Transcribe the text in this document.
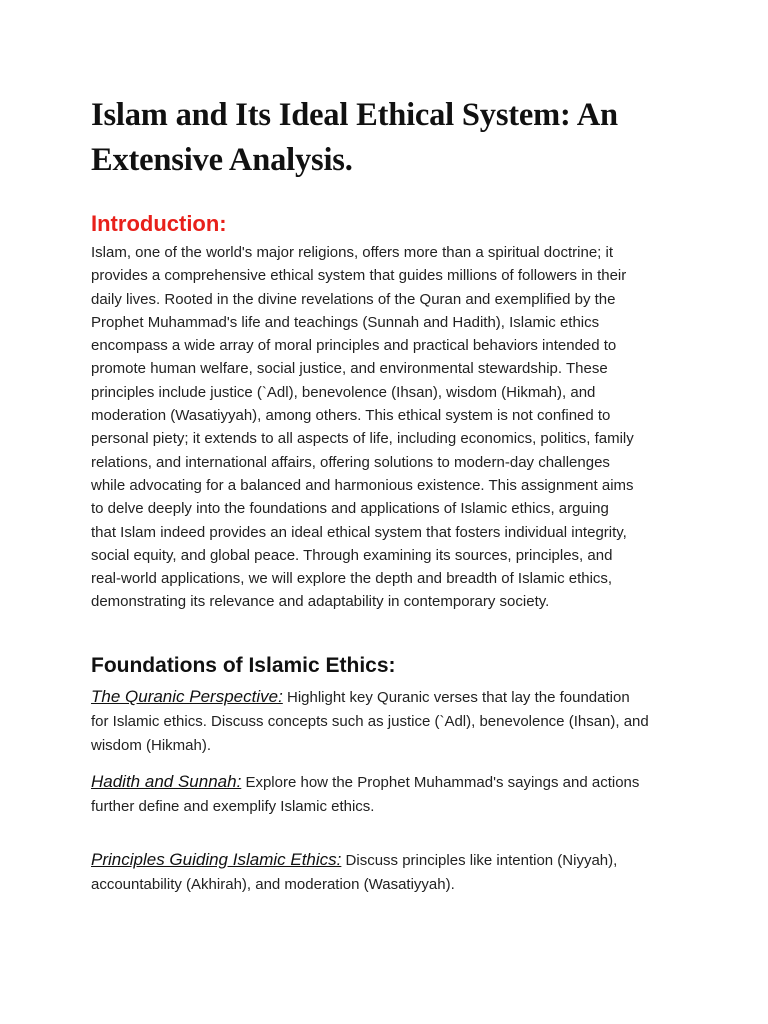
Islam and Its Ideal Ethical System: An
Extensive Analysis.
Introduction:

Islam, one of the world's major religions, offers more than a spiritual doctrine; it
provides a comprehensive ethical system that guides millions of followers in their
daily lives. Rooted in the divine revelations of the Quran and exemplified by the
Prophet Muhammad's life and teachings (Sunnah and Hadith), Islamic ethics
encompass a wide array of moral principles and practical behaviors intended to
promote human welfare, social justice, and environmental stewardship. These
principles include justice (`Adl), benevolence (Ihsan), wisdom (Hikmah), and
moderation (Wasatiyyah), among others. This ethical system is not confined to
personal piety; it extends to all aspects of life, including economics, politics, family
relations, and international affairs, offering solutions to modern-day challenges
while advocating for a balanced and harmonious existence. This assignment aims
to delve deeply into the foundations and applications of Islamic ethics, arguing
that Islam indeed provides an ideal ethical system that fosters individual integrity,
social equity, and global peace. Through examining its sources, principles, and
real-world applications, we will explore the depth and breadth of Islamic ethics,
demonstrating its relevance and adaptability in contemporary society.

Foundations of Islamic Ethics:
The Quranic Perspective: Highlight key Quranic verses that lay the foundation
for Islamic ethics. Discuss concepts such as justice (`Adl), benevolence (Ihsan), and
wisdom (Hikmah).
Hadith and Sunnah: Explore how the Prophet Muhammad's sayings and actions
further define and exemplify Islamic ethics.
Principles Guiding Islamic Ethics: Discuss principles like intention (Niyyah),
accountability (Akhirah), and moderation (Wasatiyyah).
